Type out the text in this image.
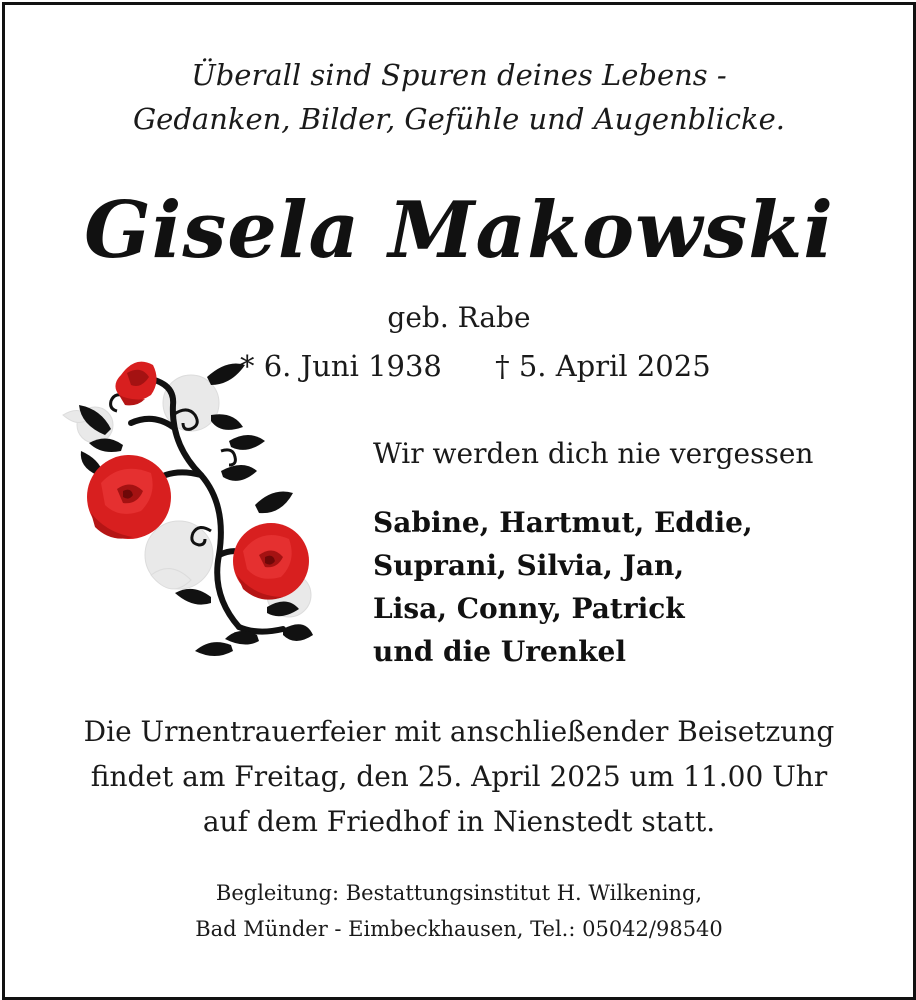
Überall sind Spuren deines Lebens -
Gedanken, Bilder, Gefühle und Augenblicke.
Gisela Makowski
geb. Rabe
* 6. Juni 1938 † 5. April 2025
Wir werden dich nie vergessen
Sabine, Hartmut, Eddie,
Suprani, Silvia, Jan,
Lisa, Conny, Patrick
und die Urenkel
Die Urnentrauerfeier mit anschließender Beisetzung
findet am Freitag, den 25. April 2025 um 11.00 Uhr
auf dem Friedhof in Nienstedt statt.
Begleitung: Bestattungsinstitut H. Wilkening,
Bad Münder - Eimbeckhausen, Tel.: 05042/98540
